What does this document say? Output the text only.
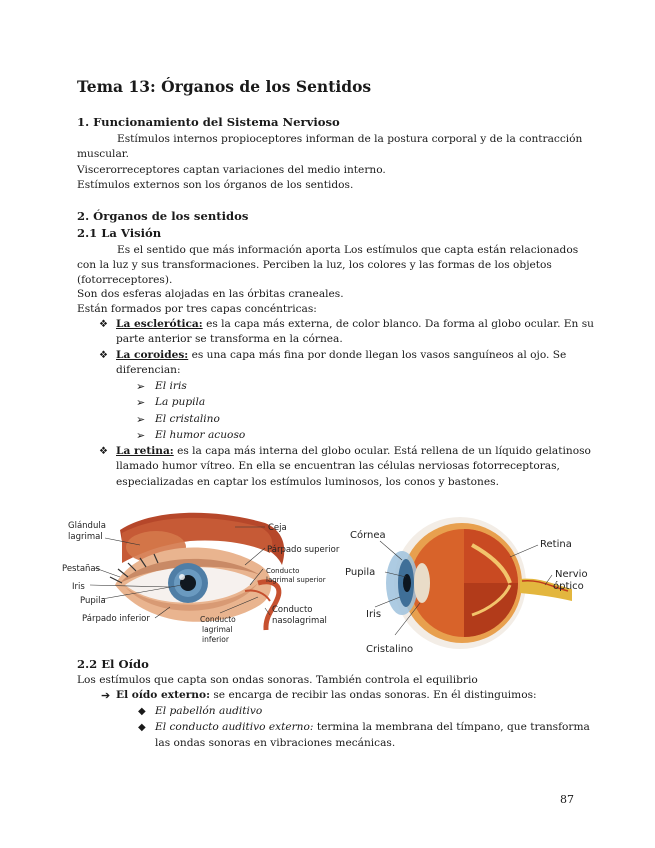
Tema 13: Órganos de los Sentidos
1. Funcionamiento del Sistema Nervioso
Estímulos internos propioceptores informan de la postura corporal y de la contracción
muscular.
Viscerorreceptores captan variaciones del medio interno.
Estímulos externos son los órganos de los sentidos.
2. Órganos de los sentidos
2.1 La Visión
Es el sentido que más información aporta Los estímulos que capta están relacionados
con la luz y sus transformaciones. Perciben la luz, los colores y las formas de los objetos
(fotorreceptores).
Son dos esferas alojadas en las órbitas craneales.
Están formados por tres capas concéntricas:
❖ La esclerótica: es la capa más externa, de color blanco. Da forma al globo ocular. En su
parte anterior se transforma en la córnea.
❖ La coroides: es una capa más fina por donde llegan los vasos sanguíneos al ojo. Se
diferencian:
➢ El iris
➢ La pupila
➢ El cristalino
➢ El humor acuoso
❖ La retina: es la capa más interna del globo ocular. Está rellena de un líquido gelatinoso
llamado humor vítreo. En ella se encuentran las células nerviosas fotorreceptoras,
especializadas en captar los estímulos luminosos, los conos y bastones.
Glándula
lagrimal
Pestañas
Iris
Pupila
Párpado inferior
Ceja
Párpado superior
Conducto
lagrimal superior
Conducto
nasolagrimal
Conducto
lagrimal
inferior
Córnea
Pupila
Iris
Cristalino
Retina
Nervio
óptico
2.2 El Oído
Los estímulos que capta son ondas sonoras. También controla el equilibrio
➔ El oído externo: se encarga de recibir las ondas sonoras. En él distinguimos:
◆ El pabellón auditivo
◆ El conducto auditivo externo: termina la membrana del tímpano, que transforma
las ondas sonoras en vibraciones mecánicas.
87
